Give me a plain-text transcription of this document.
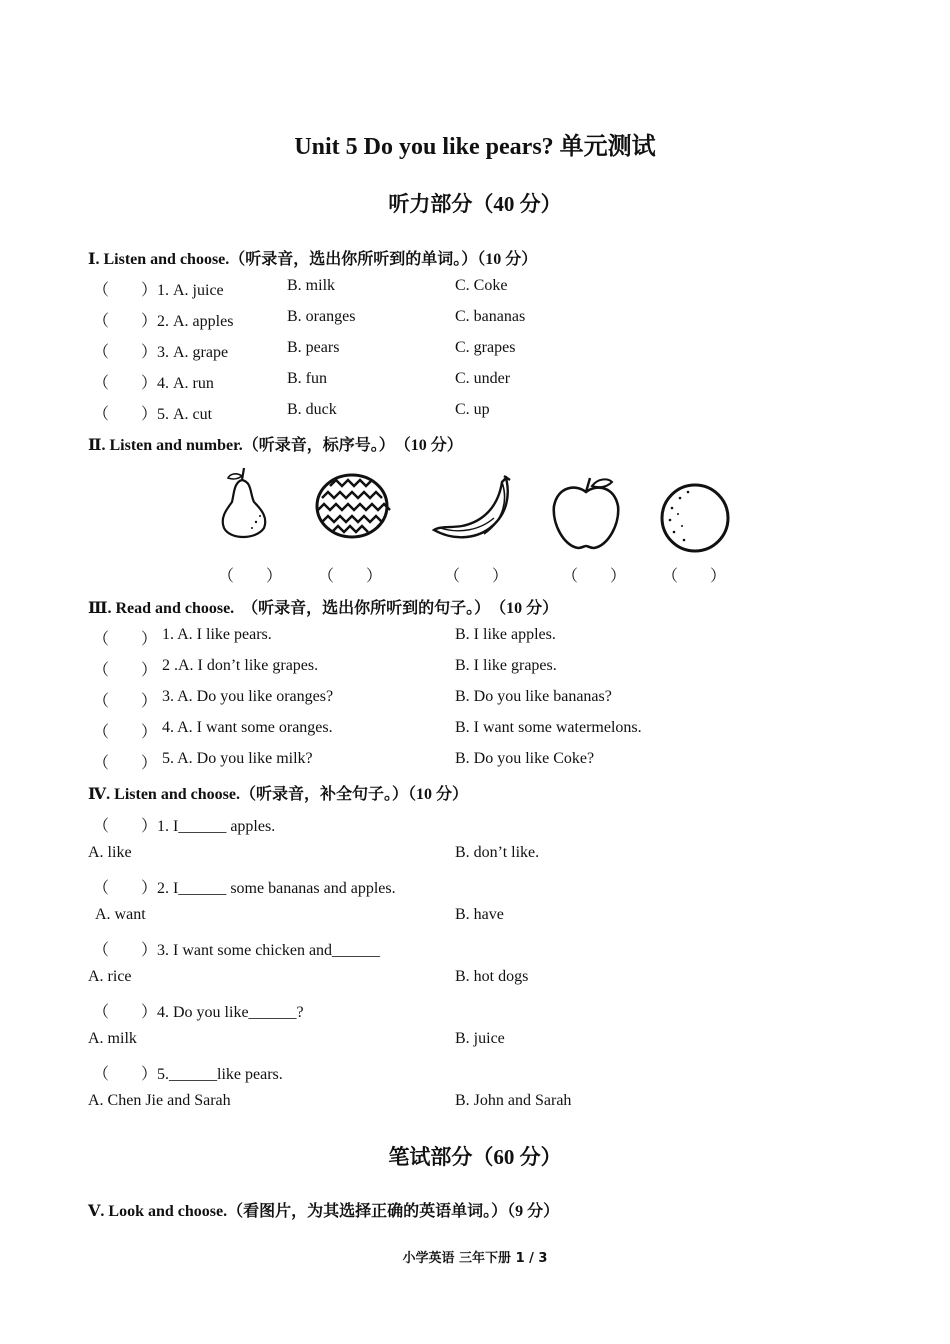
Unit 5 Do you like pears? 单元测试
听力部分（40 分）
Ⅰ. Listen and choose.（听录音，选出你所听到的单词。）（10 分）
（　　）1. A. juice	B. milk	C. Coke
（　　）2. A. apples	B. oranges	C. bananas
（　　）3. A. grape	B. pears	C. grapes
（　　）4. A. run	B. fun	C. under
（　　）5. A. cut	B. duck	C. up
Ⅱ. Listen and number.（听录音，标序号。）　（10 分）
（　　） （　　）	（　　）	（　　） （　　）
Ⅲ. Read and choose.　（听录音，选出你所听到的句子。）　（10 分）
（　　） 1. A. I like pears.	B. I like apples.
（　　） 2 .A. I don’t like grapes.	B. I like grapes.
（　　） 3. A. Do you like oranges?	B. Do you like bananas?
（　　） 4. A. I want some oranges.	B. I want some watermelons.
（　　） 5. A. Do you like milk?	B. Do you like Coke?
Ⅳ. Listen and choose.（听录音，补全句子。）（10 分）
（　　）1. I______ apples.
A. like	B. don’t like.
（　　）2. I______ some bananas and apples.
A. want	B. have
（　　）3. I want some chicken and______
A. rice	B. hot dogs
（　　）4. Do you like______?
A. milk	B. juice
（　　）5.______like pears.
A. Chen Jie and Sarah	B. John and Sarah
笔试部分（60 分）
Ⅴ. Look and choose.（看图片，为其选择正确的英语单词。）（9 分）
小学英语 三年下册 1 / 3
